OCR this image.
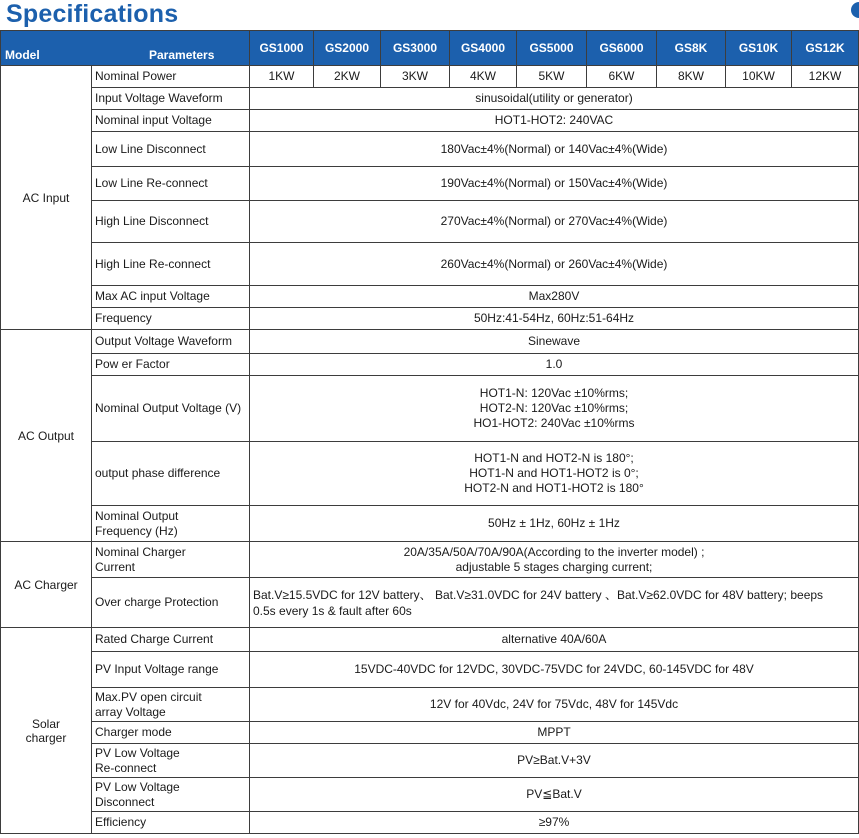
Specifications
Model Parameters		GS1000	GS2000	GS3000	GS4000	GS5000	GS6000	GS8K	GS10K	GS12K
AC Input	Nominal Power	1KW	2KW	3KW	4KW	5KW	6KW	8KW	10KW	12KW
	Input Voltage Waveform	sinusoidal(utility or generator)								
	Nominal input Voltage	HOT1-HOT2: 240VAC								
	Low Line Disconnect	180Vac±4%(Normal) or 140Vac±4%(Wide)								
	Low Line Re-connect	190Vac±4%(Normal) or 150Vac±4%(Wide)								
	High Line Disconnect	270Vac±4%(Normal) or 270Vac±4%(Wide)								
	High Line Re-connect	260Vac±4%(Normal) or 260Vac±4%(Wide)								
	Max AC input Voltage	Max280V								
	Frequency	50Hz:41-54Hz, 60Hz:51-64Hz								
AC Output	Output Voltage Waveform	Sinewave								
	Pow er Factor	1.0								
	Nominal Output Voltage (V)	HOT1-N: 120Vac ±10%rms;
HOT2-N: 120Vac ±10%rms;
HO1-HOT2: 240Vac ±10%rms								

	output phase difference	HOT1-N and HOT2-N is 180°;
HOT1-N and HOT1-HOT2 is 0°;
HOT2-N and HOT1-HOT2 is 180°								

	Nominal Output
Frequency (Hz)	50Hz ± 1Hz, 60Hz ± 1Hz								
AC Charger	Nominal Charger
Current	20A/35A/50A/70A/90A(According to the inverter model) ;
adjustable 5 stages charging current;								

	Over charge Protection	Bat.V≥15.5VDC for 12V battery、 Bat.V≥31.0VDC for 24V battery 、Bat.V≥62.0VDC for 48V battery; beeps
0.5s every 1s & fault after 60s								

Solar
charger	Rated Charge Current	alternative 40A/60A								
	PV Input Voltage range	15VDC-40VDC for 12VDC, 30VDC-75VDC for 24VDC, 60-145VDC for 48V								

	Max.PV open circuit
array Voltage	12V for 40Vdc, 24V for 75Vdc, 48V for 145Vdc								
	Charger mode	MPPT								

	PV Low Voltage
Re-connect	PV≥Bat.V+3V								

	PV Low Voltage
Disconnect	PV≦Bat.V								
	Efficiency	≥97%								
